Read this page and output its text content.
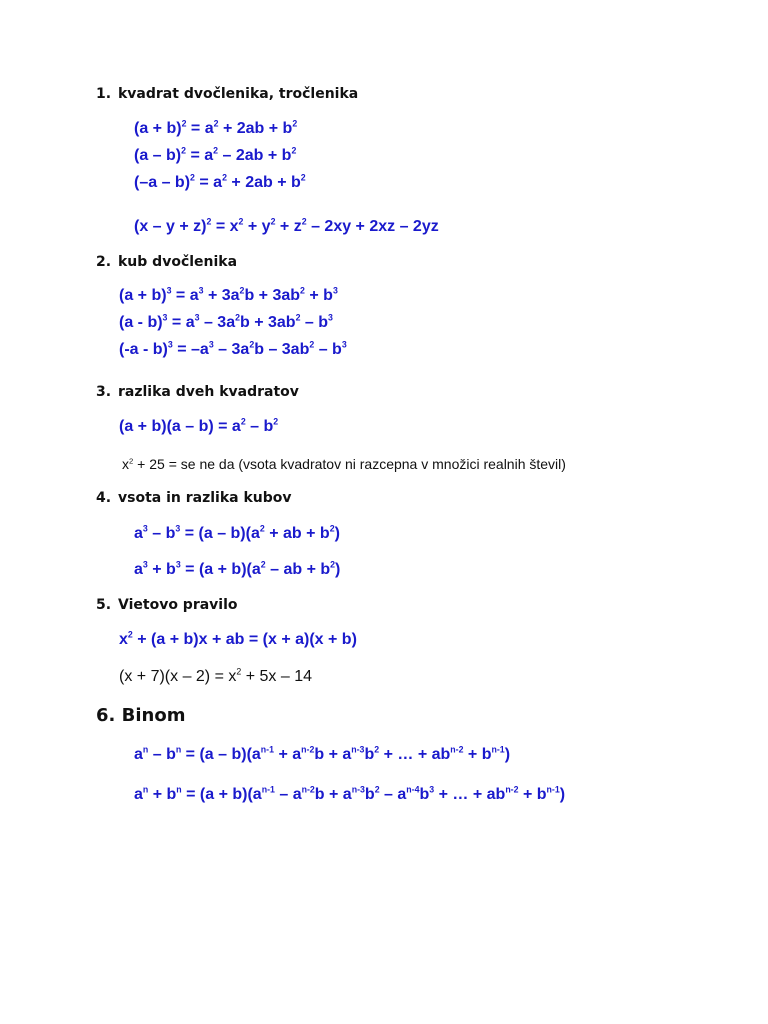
1. kvadrat dvočlenika, tročlenika
$(a + b)^2 = a^2 + 2ab + b^2$
$(a - b)^2 = a^2 - 2ab + b^2$
$(-a - b)^2 = a^2 + 2ab + b^2$
$(x - y + z)^2 = x^2 + y^2 + z^2 - 2xy + 2xz - 2yz$
2. kub dvočlenika
$(a + b)^3 = a^3 + 3a^2b + 3ab^2 + b^3$
$(a - b)^3 = a^3 - 3a^2b + 3ab^2 - b^3$
$(-a - b)^3 = -a^3 - 3a^2b - 3ab^2 - b^3$
3. razlika dveh kvadratov
$(a + b)(a - b) = a^2 - b^2$
$x^2 + 25$ = se ne da (vsota kvadratov ni razcepna v množici realnih števil)
4. vsota in razlika kubov
$a^3 - b^3 = (a - b)(a^2$ + ab + $b^2$)
$a^3 + b^3 = (a + b)(a^2$ – ab + $b^2$)
5. Vietovo pravilo
$x^2 + (a + b)x$ + ab = (x + a)(x + b)
$(x + 7)(x - 2) = x^2 + 5x - 14$
6. Binom
$a^n - b^n = (a - b)(a^{n-1} + a^{n-2}b + a^{n-3}b^2$ + … + $ab^{n-2} + b^{n-1}$)
$a^n + b^n = (a + b)(a^{n-1} - a^{n-2}b + a^{n-3}b^2 - a^{n-4}b^3$ + … + $ab^{n-2} + b^{n-1}$)
